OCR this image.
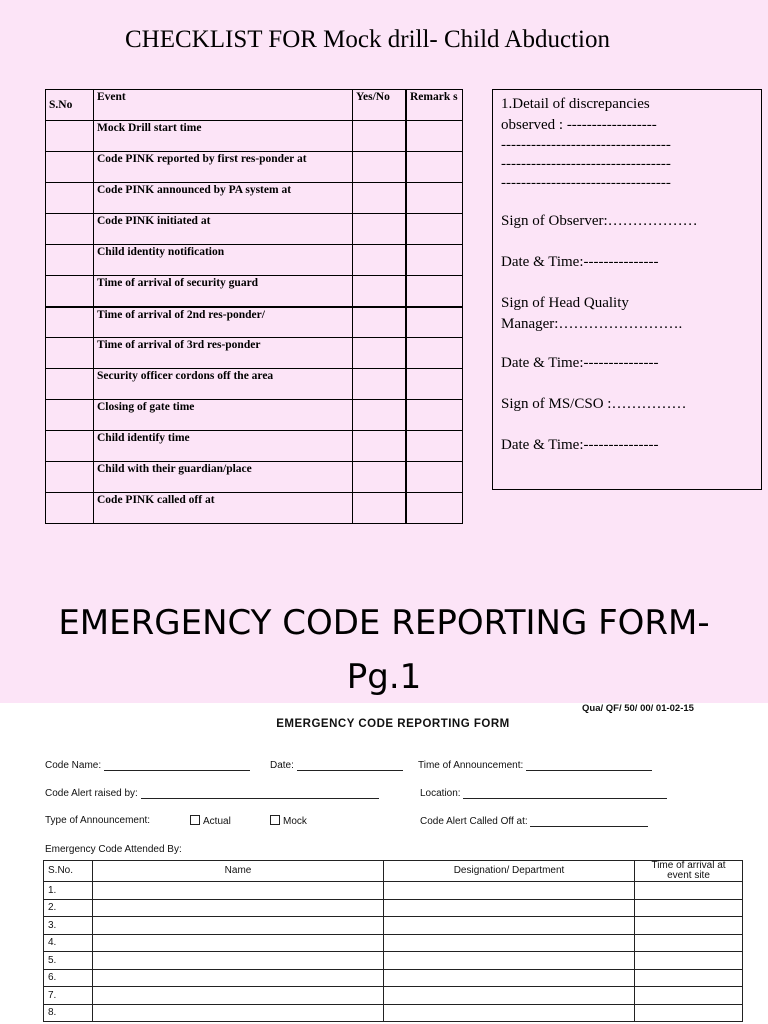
CHECKLIST FOR Mock drill- Child Abduction
S.No	Event	Yes/No	Remark s
	Mock Drill start time		
	Code PINK reported by first res-ponder at		
	Code PINK announced by PA system at		
	Code PINK initiated at		
	Child identity notification		
	Time of arrival of security guard		
	Time of arrival of 2nd res-ponder/		
	Time of arrival of 3rd res-ponder		
	Security officer cordons off the area		
	Closing of gate time		
	Child identify time		
	Child with their guardian/place		
	Code PINK called off at		
1.Detail of discrepancies
observed : ------------------
----------------------------------
----------------------------------
----------------------------------
Sign of Observer:………………
Date & Time:---------------
Sign of Head Quality
Manager:…………………….
Date & Time:---------------
Sign of MS/CSO :……………
Date & Time:---------------
EMERGENCY CODE REPORTING FORM-
Pg.1
Qua/ QF/ 50/ 00/ 01-02-15
EMERGENCY CODE REPORTING FORM
Code Name:	Date:	Time of Announcement:
Code Alert raised by:	Location:
Type of Announcement:	Actual	Mock	Code Alert Called Off at:
Emergency Code Attended By:
S.No.	Name	Designation/ Department	Time of arrival at event site
1.			
2.			
3.			
4.			
5.			
6.			
7.			
8.			
